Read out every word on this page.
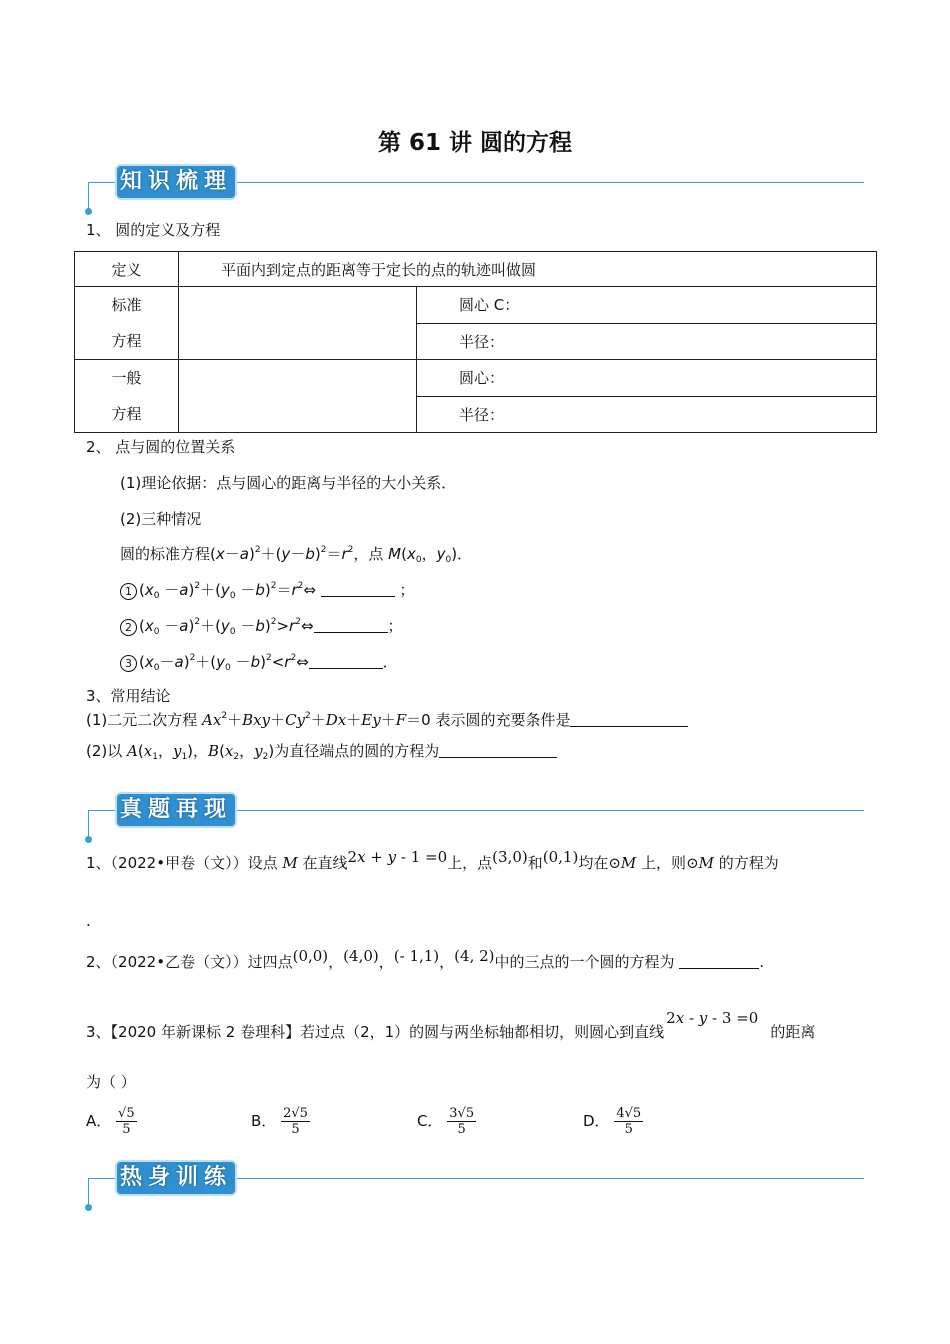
第 61 讲 圆的方程
知识梳理
1、 圆的定义及方程
定义	平面内到定点的距离等于定长的点的轨迹叫做圆	
标准
方程		圆心 C：
		半径：
一般
方程		圆心：
		半径：
2、 点与圆的位置关系
(1)理论依据：点与圆心的距离与半径的大小关系．
(2)三种情况
圆的标准方程$(x-a)^2+(y-b)^2=r^2$，点 $M(x_0$，$y_0$)．
1 $(x_0 -a)^2+(y_0$ $-b)^2=r^2\Leftrightarrow$	；
2 $(x_0 -a)^2+(y_0$ $-b)^2>r^2\Leftrightarrow$	；
3 $(x_0-a)^2+(y_0$ $-b)^2<r^2\Leftrightarrow$	．
3、常用结论
(1)二元二次方程 $Ax^2+Bxy+Cy^2+Dx+Ey+F=0$ 表示圆的充要条件是
(2)以 $A(x_1$，$y_1$)，$B(x_2$，$y_2$)为直径端点的圆的方程为
真题再现
1、（2022•甲卷（文））设点 M 在直线2x + y - 1 =0上，点(3,0)和(0,1)均在⊙M 上，则⊙M 的方程为
.
2、（2022•乙卷（文））过四点(0,0)，(4,0)，(- 1,1)，(4, 2)中的三点的一个圆的方程为	.
3、【2020 年新课标 2 卷理科】若过点（2，1）的圆与两坐标轴都相切，则圆心到直线2x - y - 3 =0的距离
为（ ）
A． $\frac{√5}{5}$	B． $\frac{2√5}{5}$	C． $\frac{3√5}{5}$	D． $\frac{4√5}{5}$
热身训练
